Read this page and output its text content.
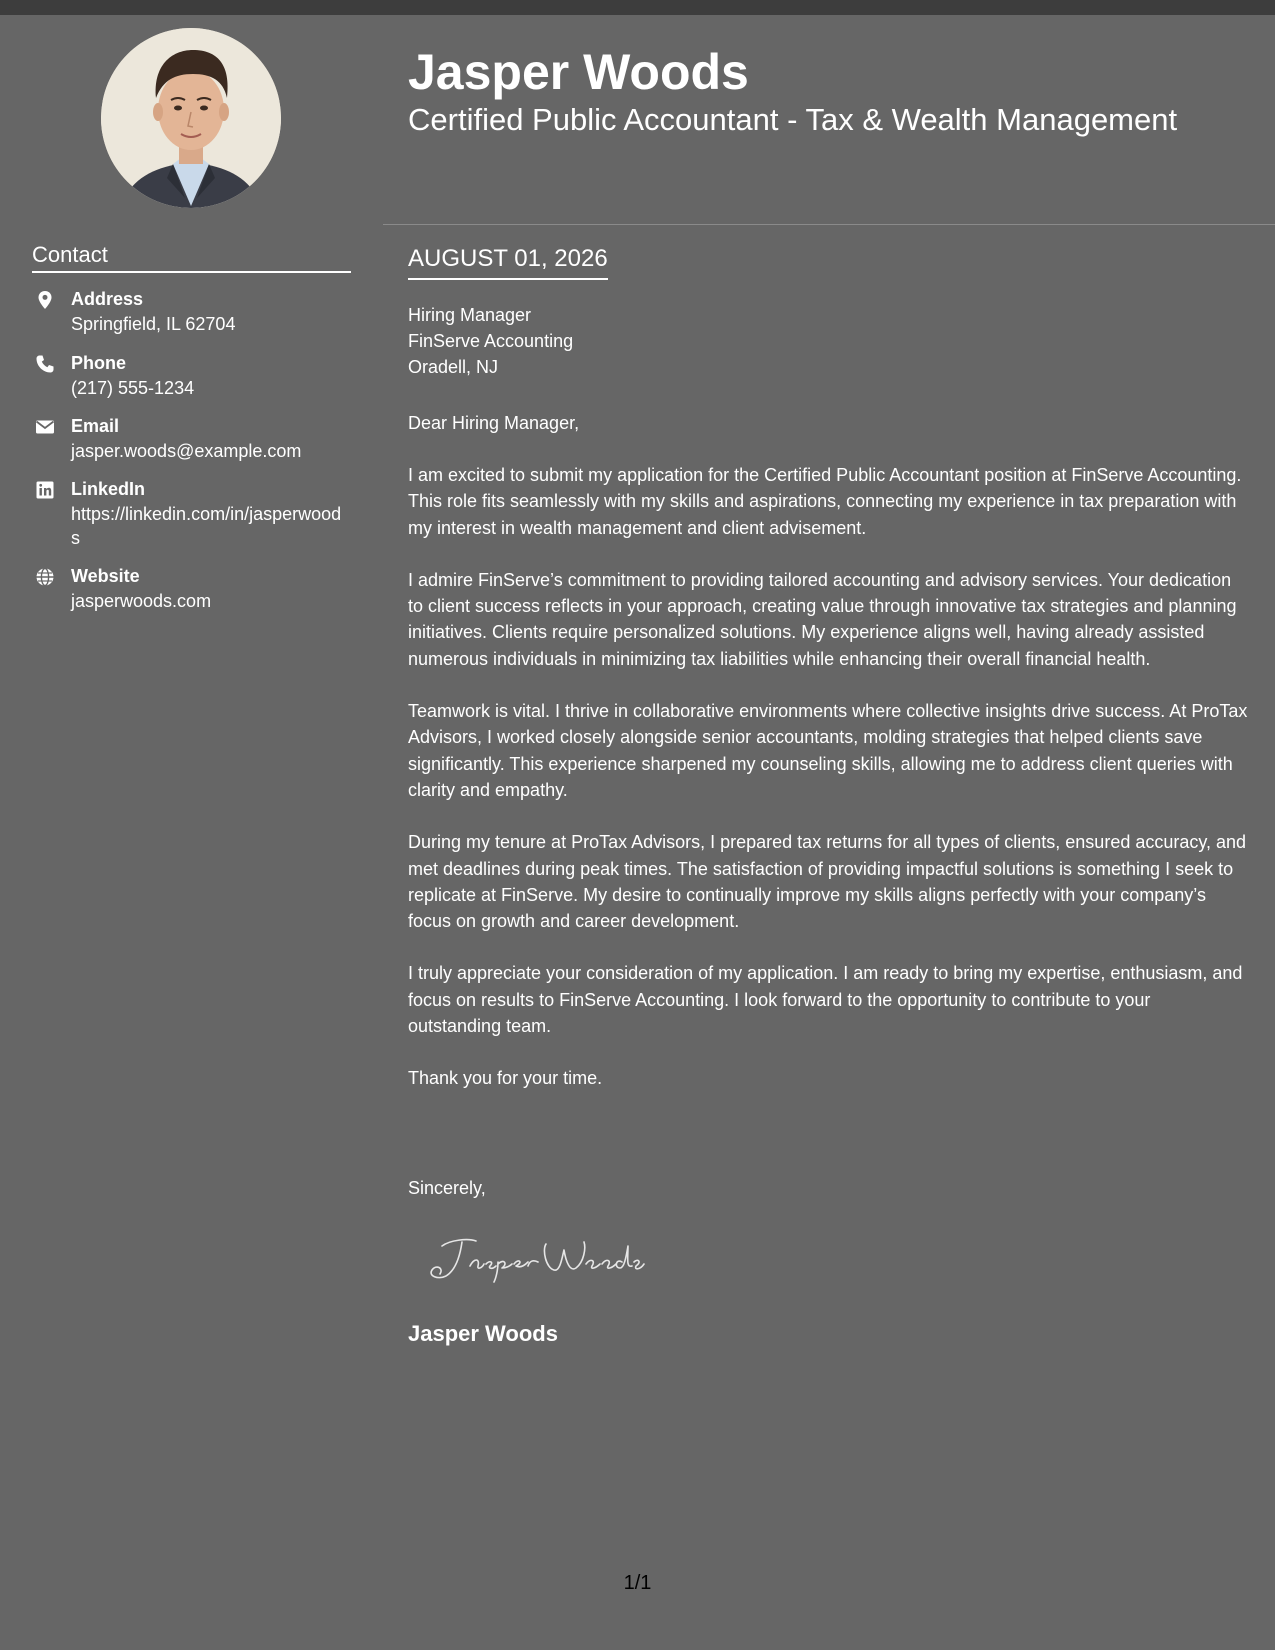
Jasper Woods
Certified Public Accountant - Tax & Wealth Management
Contact
Address
Springfield, IL 62704
Phone
(217) 555-1234
Email
jasper.woods@example.com
LinkedIn
https://linkedin.com/in/jasperwoods
Website
jasperwoods.com
AUGUST 01, 2026
Hiring Manager
FinServe Accounting
Oradell, NJ
Dear Hiring Manager,

I am excited to submit my application for the Certified Public Accountant position at FinServe Accounting. This role fits seamlessly with my skills and aspirations, connecting my experience in tax preparation with my interest in wealth management and client advisement.

I admire FinServe’s commitment to providing tailored accounting and advisory services. Your dedication to client success reflects in your approach, creating value through innovative tax strategies and planning initiatives. Clients require personalized solutions. My experience aligns well, having already assisted numerous individuals in minimizing tax liabilities while enhancing their overall financial health.

Teamwork is vital. I thrive in collaborative environments where collective insights drive success. At ProTax Advisors, I worked closely alongside senior accountants, molding strategies that helped clients save significantly. This experience sharpened my counseling skills, allowing me to address client queries with clarity and empathy.

During my tenure at ProTax Advisors, I prepared tax returns for all types of clients, ensured accuracy, and met deadlines during peak times. The satisfaction of providing impactful solutions is something I seek to replicate at FinServe. My desire to continually improve my skills aligns perfectly with your company’s focus on growth and career development.

I truly appreciate your consideration of my application. I am ready to bring my expertise, enthusiasm, and focus on results to FinServe Accounting. I look forward to the opportunity to contribute to your outstanding team.

Thank you for your time.

Sincerely,
Jasper Woods
1/1
